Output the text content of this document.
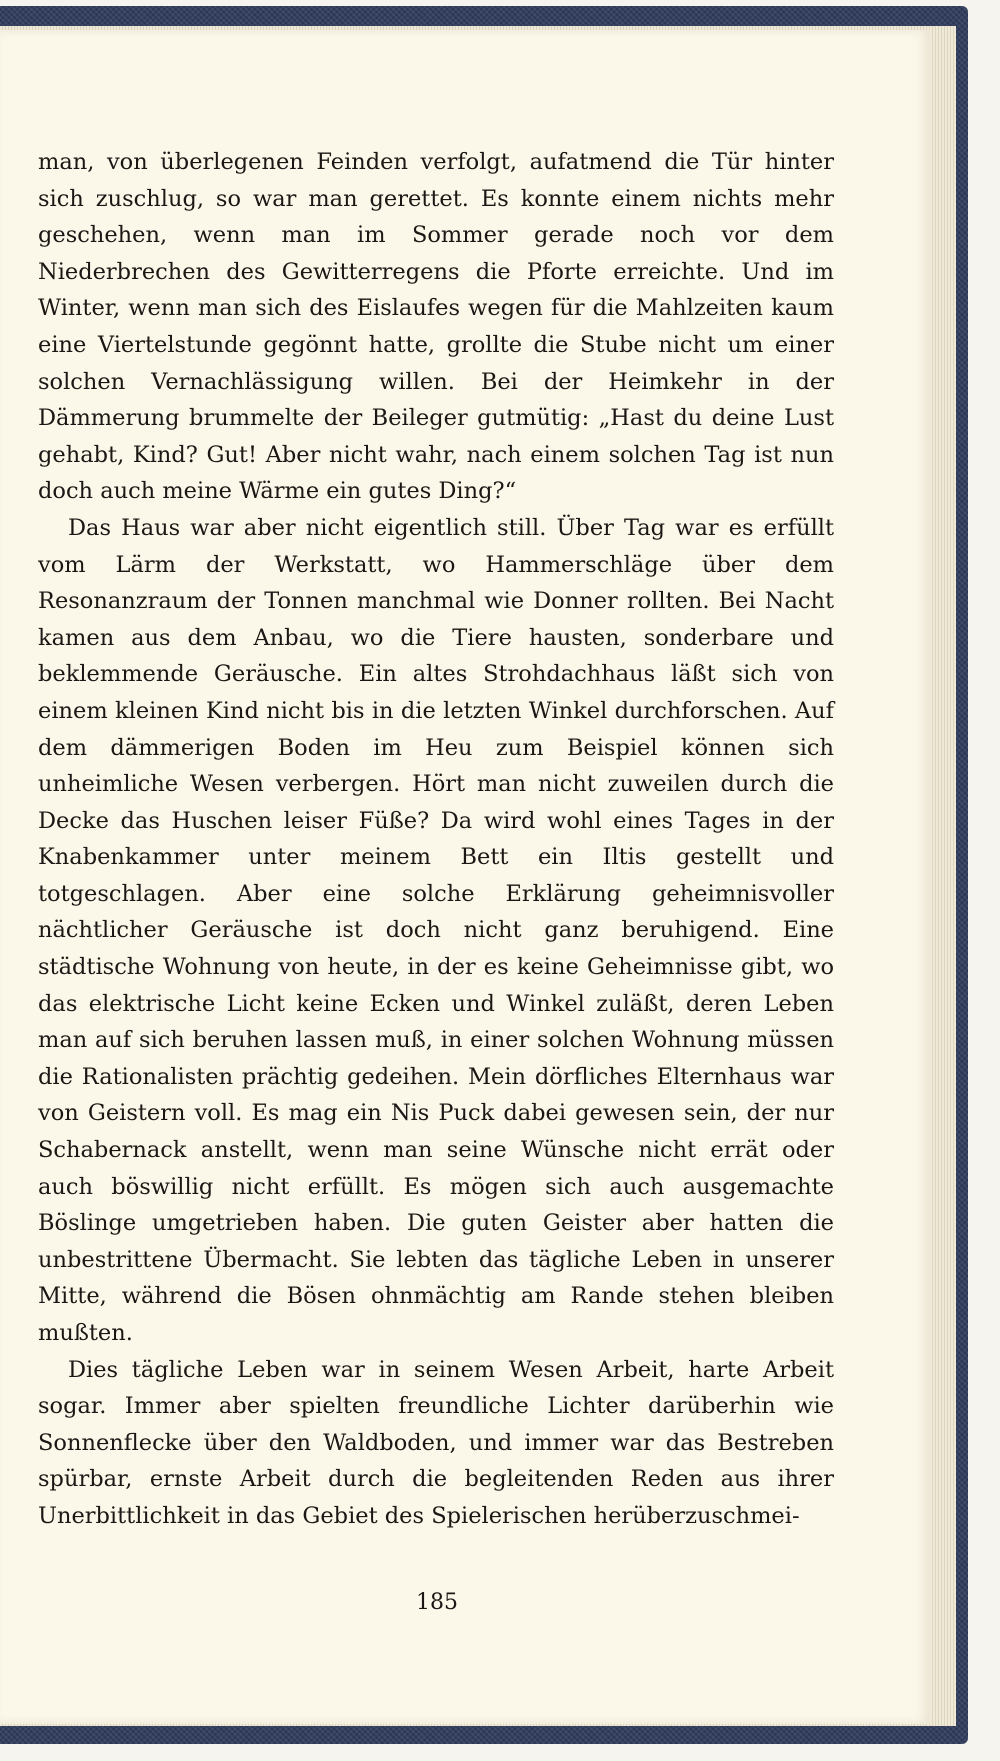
man, von überlegenen Feinden verfolgt, aufatmend die Tür hinter sich zuschlug, so war man gerettet. Es konnte einem nichts mehr geschehen, wenn man im Sommer gerade noch vor dem Niederbrechen des Gewitterregens die Pforte erreichte. Und im Winter, wenn man sich des Eislaufes wegen für die Mahlzeiten kaum eine Viertelstunde gegönnt hatte, grollte die Stube nicht um einer solchen Vernachlässigung willen. Bei der Heimkehr in der Dämmerung brummelte der Beileger gutmütig: „Hast du deine Lust gehabt, Kind? Gut! Aber nicht wahr, nach einem solchen Tag ist nun doch auch meine Wärme ein gutes Ding?“

Das Haus war aber nicht eigentlich still. Über Tag war es erfüllt vom Lärm der Werkstatt, wo Hammerschläge über dem Resonanzraum der Tonnen manchmal wie Donner rollten. Bei Nacht kamen aus dem Anbau, wo die Tiere hausten, sonderbare und beklemmende Geräusche. Ein altes Strohdachhaus läßt sich von einem kleinen Kind nicht bis in die letzten Winkel durchforschen. Auf dem dämmerigen Boden im Heu zum Beispiel können sich unheimliche Wesen verbergen. Hört man nicht zuweilen durch die Decke das Huschen leiser Füße? Da wird wohl eines Tages in der Knabenkammer unter meinem Bett ein Iltis gestellt und totgeschlagen. Aber eine solche Erklärung geheimnisvoller nächtlicher Geräusche ist doch nicht ganz beruhigend. Eine städtische Wohnung von heute, in der es keine Geheimnisse gibt, wo das elektrische Licht keine Ecken und Winkel zuläßt, deren Leben man auf sich beruhen lassen muß, in einer solchen Wohnung müssen die Rationalisten prächtig gedeihen. Mein dörfliches Elternhaus war von Geistern voll. Es mag ein Nis Puck dabei gewesen sein, der nur Schabernack anstellt, wenn man seine Wünsche nicht errät oder auch böswillig nicht erfüllt. Es mögen sich auch ausgemachte Böslinge umgetrieben haben. Die guten Geister aber hatten die unbestrittene Übermacht. Sie lebten das tägliche Leben in unserer Mitte, während die Bösen ohnmächtig am Rande stehen bleiben mußten.

Dies tägliche Leben war in seinem Wesen Arbeit, harte Arbeit sogar. Immer aber spielten freundliche Lichter darüberhin wie Sonnenflecke über den Waldboden, und immer war das Bestreben spürbar, ernste Arbeit durch die begleitenden Reden aus ihrer Unerbittlichkeit in das Gebiet des Spielerischen herüberzuschmei-

185
